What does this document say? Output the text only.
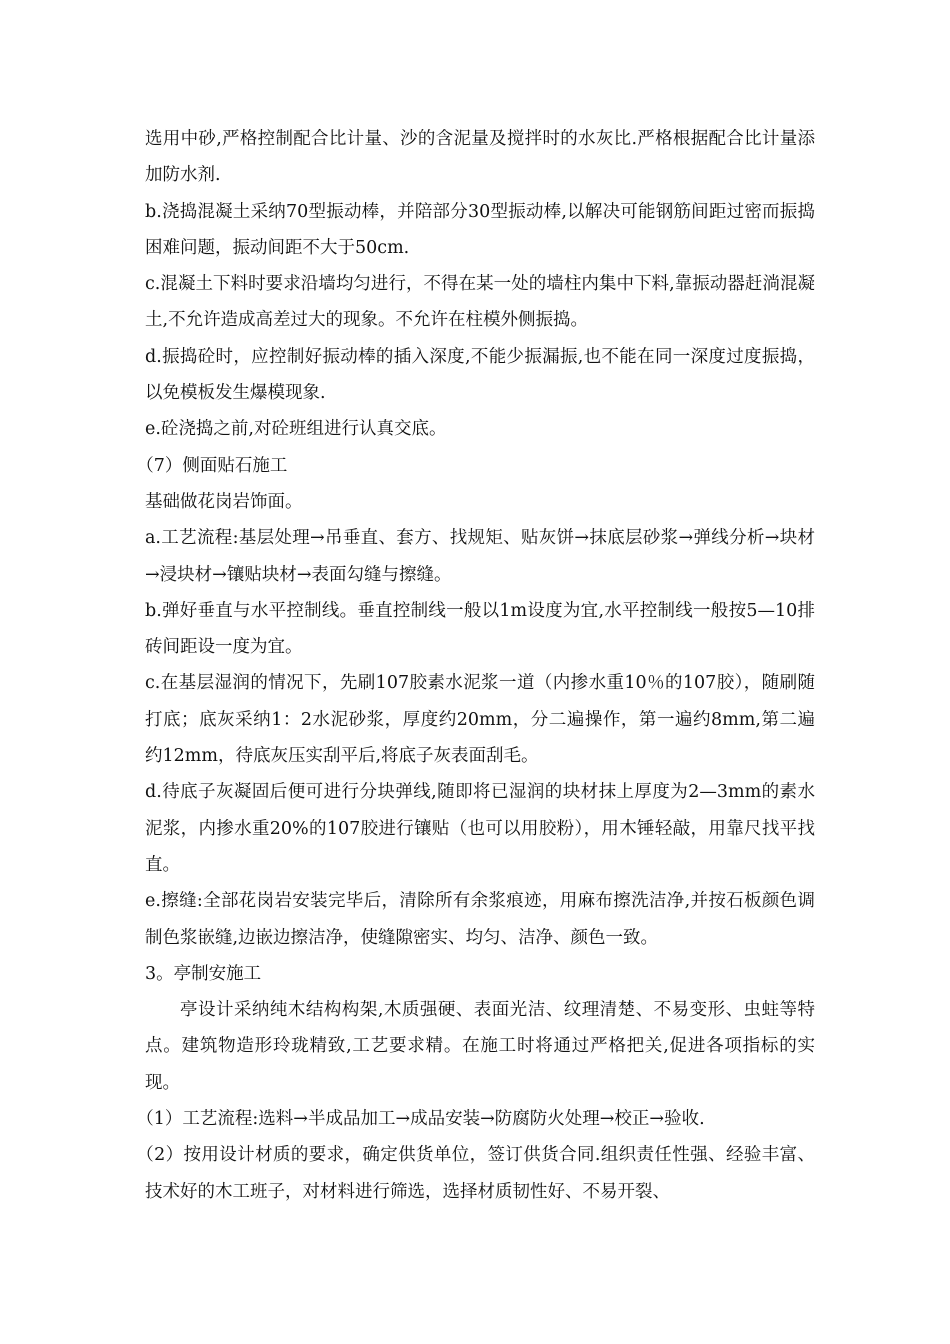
选用中砂,严格控制配合比计量、沙的含泥量及搅拌时的水灰比.严格根据配合比计量添加防水剂.

b.浇捣混凝土采纳70型振动棒，并陪部分30型振动棒,以解决可能钢筋间距过密而振捣困难问题，振动间距不大于50cm.

c.混凝土下料时要求沿墙均匀进行，不得在某一处的墙柱内集中下料,靠振动器赶淌混凝土,不允许造成高差过大的现象。不允许在柱模外侧振捣。

d.振捣砼时，应控制好振动棒的插入深度,不能少振漏振,也不能在同一深度过度振捣，以免模板发生爆模现象.

e.砼浇捣之前,对砼班组进行认真交底。

（7）侧面贴石施工

基础做花岗岩饰面。

a.工艺流程:基层处理→吊垂直、套方、找规矩、贴灰饼→抹底层砂浆→弹线分析→块材→浸块材→镶贴块材→表面勾缝与擦缝。

b.弹好垂直与水平控制线。垂直控制线一般以1m设度为宜,水平控制线一般按5—10排砖间距设一度为宜。

c.在基层湿润的情况下，先刷107胶素水泥浆一道（内掺水重10％的107胶），随刷随打底；底灰采纳1：2水泥砂浆，厚度约20mm，分二遍操作，第一遍约8mm,第二遍约12mm，待底灰压实刮平后,将底子灰表面刮毛。

d.待底子灰凝固后便可进行分块弹线,随即将已湿润的块材抹上厚度为2—3mm的素水泥浆，内掺水重20%的107胶进行镶贴（也可以用胶粉），用木锤轻敲，用靠尺找平找直。

e.擦缝:全部花岗岩安装完毕后，清除所有余浆痕迹，用麻布擦洗洁净,并按石板颜色调制色浆嵌缝,边嵌边擦洁净，使缝隙密实、均匀、洁净、颜色一致。

3。亭制安施工

亭设计采纳纯木结构构架,木质强硬、表面光洁、纹理清楚、不易变形、虫蛀等特点。建筑物造形玲珑精致,工艺要求精。在施工时将通过严格把关,促进各项指标的实现。

（1）工艺流程:选料→半成品加工→成品安装→防腐防火处理→校正→验收.

（2）按用设计材质的要求，确定供货单位，签订供货合同.组织责任性强、经验丰富、技术好的木工班子，对材料进行筛选，选择材质韧性好、不易开裂、
